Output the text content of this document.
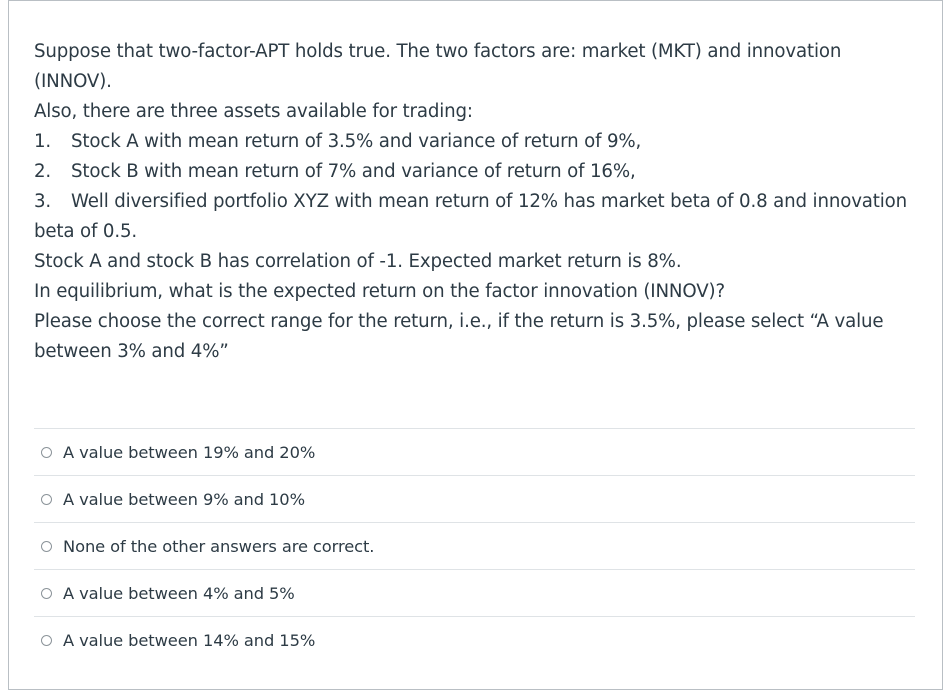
Suppose that two-factor-APT holds true. The two factors are: market (MKT) and innovation

(INNOV).

Also, there are three assets available for trading:

1. Stock A with mean return of 3.5% and variance of return of 9%,

2. Stock B with mean return of 7% and variance of return of 16%,

3. Well diversified portfolio XYZ with mean return of 12% has market beta of 0.8 and innovation

beta of 0.5.

Stock A and stock B has correlation of -1. Expected market return is 8%.

In equilibrium, what is the expected return on the factor innovation (INNOV)?

Please choose the correct range for the return, i.e., if the return is 3.5%, please select “A value

between 3% and 4%”

A value between 19% and 20%
A value between 9% and 10%
None of the other answers are correct.
A value between 4% and 5%
A value between 14% and 15%
